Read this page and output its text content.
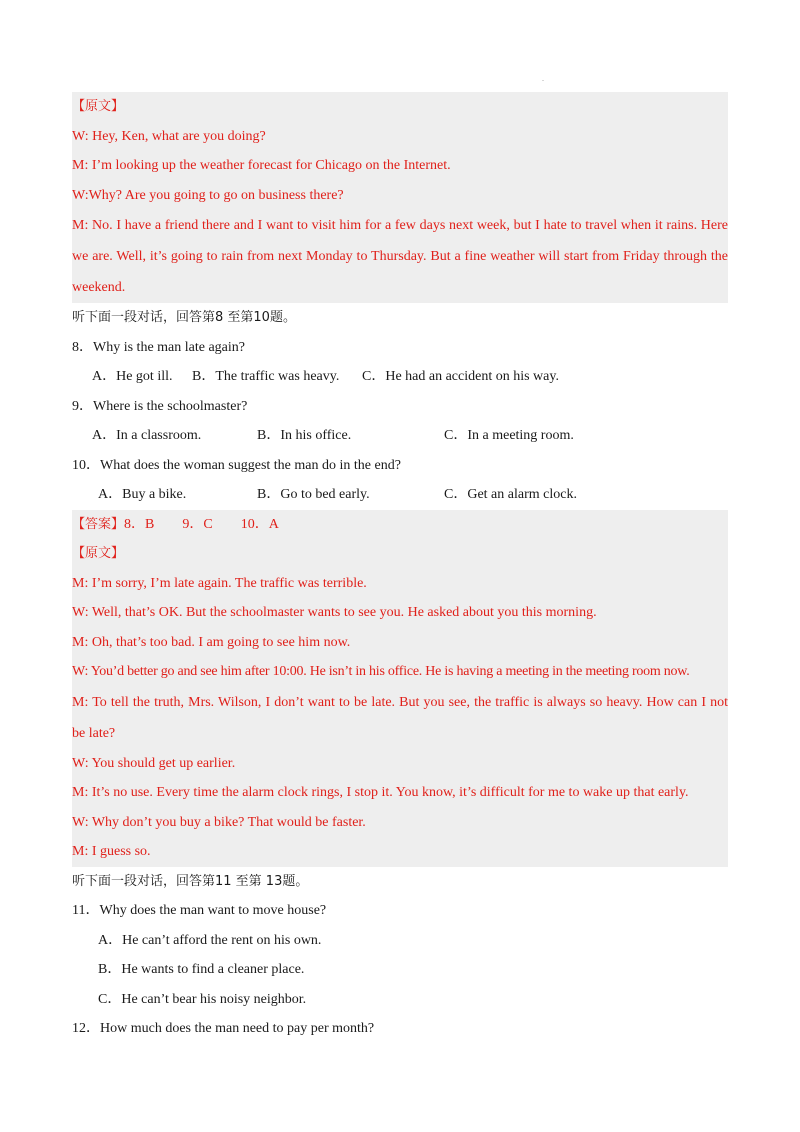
.
【原文】
W: Hey, Ken, what are you doing?
M: I’m looking up the weather forecast for Chicago on the Internet.
W:Why? Are you going to go on business there?
M: No. I have a friend there and I want to visit him for a few days next week, but I hate to travel when it rains. Here we are. Well, it’s going to rain from next Monday to Thursday. But a fine weather will start from Friday through the weekend.
听下面一段对话，回答第8 至第10题。
8．Why is the man late again?
A．He got ill. B．The traffic was heavy. C．He had an accident on his way.
9．Where is the schoolmaster?
A．In a classroom.	B．In his office.	C．In a meeting room.
10．What does the woman suggest the man do in the end?
A．Buy a bike.	B．Go to bed early.	C．Get an alarm clock.
【答案】8．B 9．C 10．A
【原文】
M: I’m sorry, I’m late again. The traffic was terrible.
W: Well, that’s OK. But the schoolmaster wants to see you. He asked about you this morning.
M: Oh, that’s too bad. I am going to see him now.
W: You’d better go and see him after 10:00. He isn’t in his office. He is having a meeting in the meeting room now.
M: To tell the truth, Mrs. Wilson, I don’t want to be late. But you see, the traffic is always so heavy. How can I not be late?
W: You should get up earlier.
M: It’s no use. Every time the alarm clock rings, I stop it. You know, it’s difficult for me to wake up that early.
W: Why don’t you buy a bike? That would be faster.
M: I guess so.
听下面一段对话，回答第11 至第 13题。
11．Why does the man want to move house?
A．He can’t afford the rent on his own.
B．He wants to find a cleaner place.
C．He can’t bear his noisy neighbor.
12．How much does the man need to pay per month?
